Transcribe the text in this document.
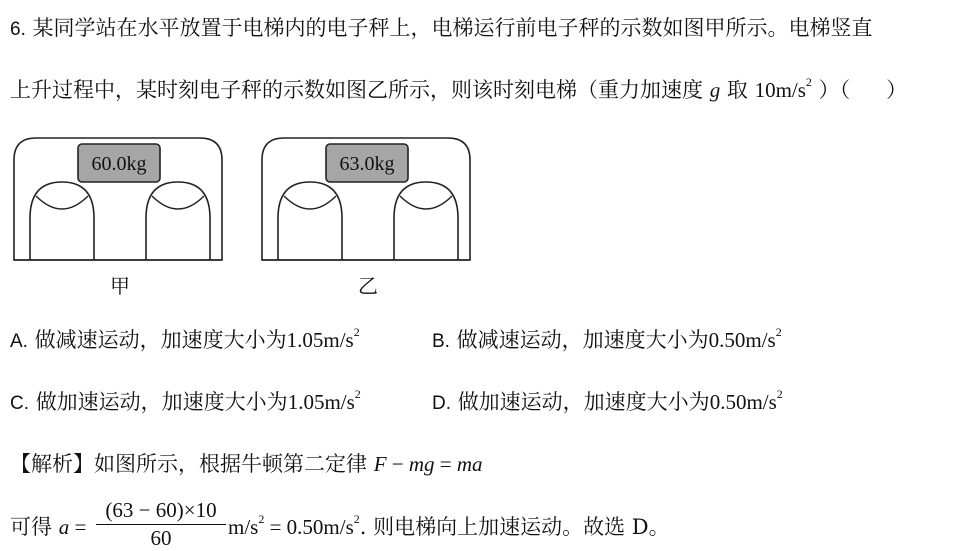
6. 某同学站在水平放置于电梯内的电子秤上，电梯运行前电子秤的示数如图甲所示。电梯竖直
上升过程中，某时刻电子秤的示数如图乙所示，则该时刻电梯（重力加速度 g 取 $10m/s^2$ ）（ ）
60.0kg
甲
63.0kg
乙
A. 做减速运动，加速度大小为$1.05m/s^2$	B. 做减速运动，加速度大小为$0.50m/s^2$
C. 做加速运动，加速度大小为$1.05m/s^2$	D. 做加速运动，加速度大小为$0.50m/s^2$
【解析】如图所示，根据牛顿第二定律 F − mg = ma
可得 a =
(63 − 60)×10
60	$m/s^2 = 0.50m/s^2$. 则电梯向上加速运动。故选 D。
